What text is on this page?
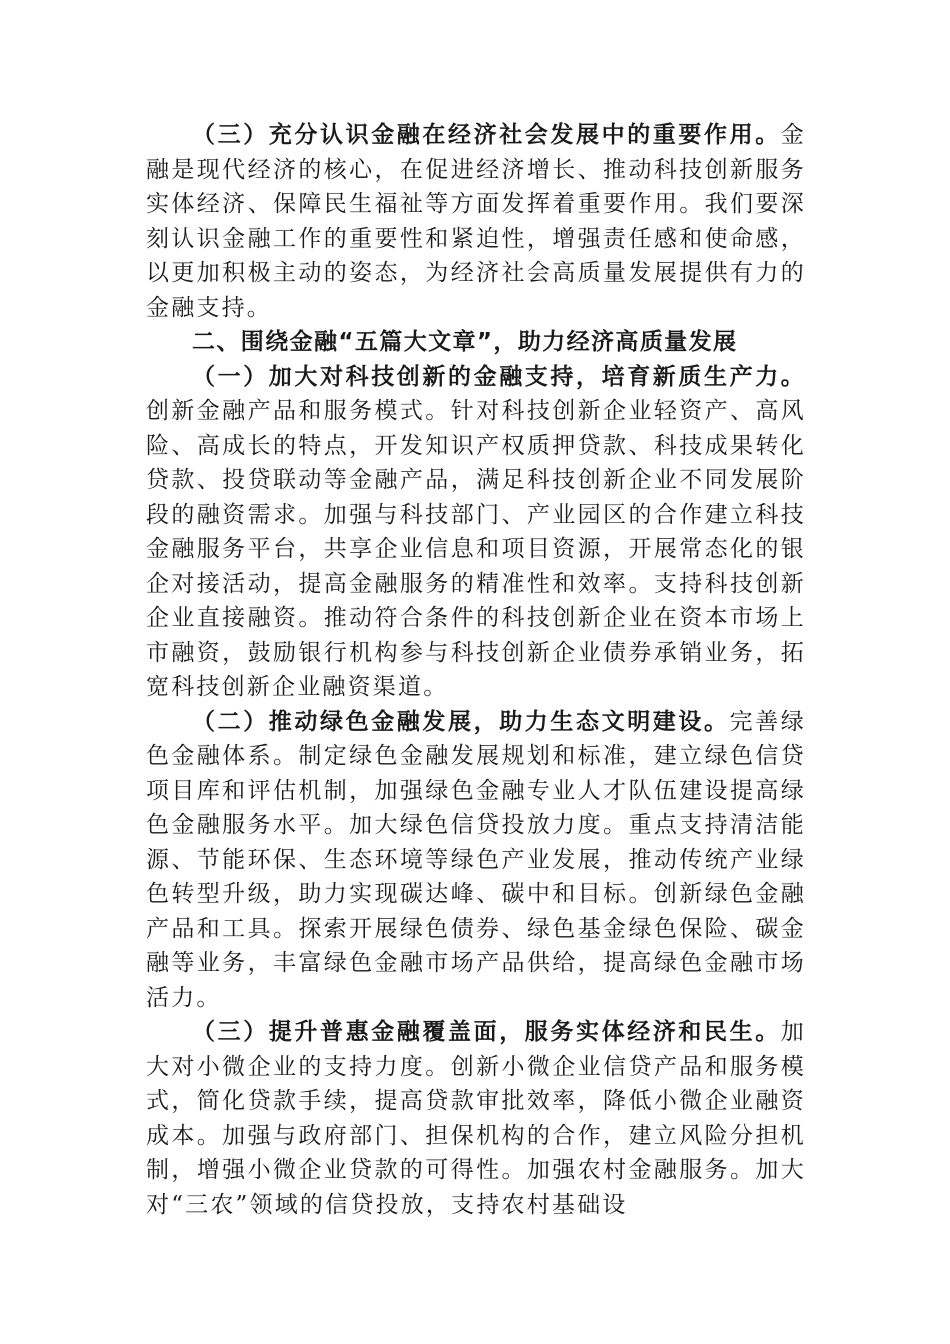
（三）充分认识金融在经济社会发展中的重要作用。金融是现代经济的核心，在促进经济增长、推动科技创新服务实体经济、保障民生福祉等方面发挥着重要作用。我们要深刻认识金融工作的重要性和紧迫性，增强责任感和使命感，以更加积极主动的姿态，为经济社会高质量发展提供有力的金融支持。

二、围绕金融“五篇大文章”，助力经济高质量发展

（一）加大对科技创新的金融支持，培育新质生产力。创新金融产品和服务模式。针对科技创新企业轻资产、高风险、高成长的特点，开发知识产权质押贷款、科技成果转化贷款、投贷联动等金融产品，满足科技创新企业不同发展阶段的融资需求。加强与科技部门、产业园区的合作建立科技金融服务平台，共享企业信息和项目资源，开展常态化的银企对接活动，提高金融服务的精准性和效率。支持科技创新企业直接融资。推动符合条件的科技创新企业在资本市场上市融资，鼓励银行机构参与科技创新企业债券承销业务，拓宽科技创新企业融资渠道。

（二）推动绿色金融发展，助力生态文明建设。完善绿色金融体系。制定绿色金融发展规划和标准，建立绿色信贷项目库和评估机制，加强绿色金融专业人才队伍建设提高绿色金融服务水平。加大绿色信贷投放力度。重点支持清洁能源、节能环保、生态环境等绿色产业发展，推动传统产业绿色转型升级，助力实现碳达峰、碳中和目标。创新绿色金融产品和工具。探索开展绿色债券、绿色基金绿色保险、碳金融等业务，丰富绿色金融市场产品供给，提高绿色金融市场活力。

（三）提升普惠金融覆盖面，服务实体经济和民生。加大对小微企业的支持力度。创新小微企业信贷产品和服务模式，简化贷款手续，提高贷款审批效率，降低小微企业融资成本。加强与政府部门、担保机构的合作，建立风险分担机制，增强小微企业贷款的可得性。加强农村金融服务。加大对“三农”领域的信贷投放，支持农村基础设
